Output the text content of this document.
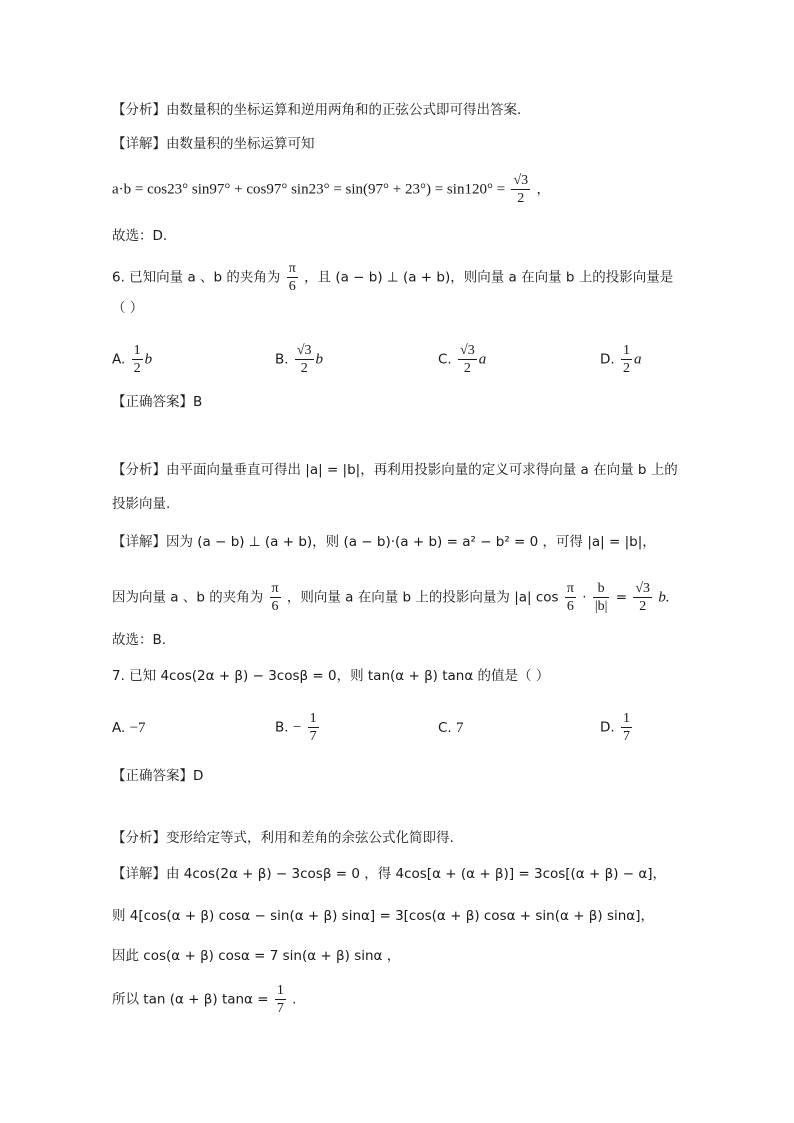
【分析】由数量积的坐标运算和逆用两角和的正弦公式即可得出答案.
【详解】由数量积的坐标运算可知
a·b = cos23° sin97° + cos97° $\sin 23^\circ = \sin(97^\circ + 23^\circ) = \sin 120^\circ = \frac{√3}{2}$ ，
故选：D.
6. 已知向量 a 、b 的夹角为 $\frac{\pi}{6}$ ，且 (a − b) ⊥ (a + b)，则向量 a 在向量 b 上的投影向量是
（ ）
A. $\frac{1}{2}$ b	B. $\frac{√3}{2}$ b	C. $\frac{√3}{2}$ a	D. $\frac{1}{2}$ a
【正确答案】B
【分析】由平面向量垂直可得出 |a| = |b|，再利用投影向量的定义可求得向量 a 在向量 b 上的
投影向量.
【详解】因为 (a − b) ⊥ (a + b)，则 (a − b)·(a + b) = a² − b² = 0 ，可得 |a| = |b|，
因为向量 a 、b 的夹角为 $\frac{\pi}{6}$ ，则向量 a 在向量 b 上的投影向量为 |a| $\cos \frac{\pi}{6} \cdot \frac{b}{|b|} = \frac{√3}{2} b$.
故选：B.
7. 已知 4cos(2α + β) − 3cosβ = 0，则 tan(α + β) tanα 的值是（ ）
A. −7	B. − $\frac{1}{7}$	C. 7	D. $\frac{1}{7}$
【正确答案】D
【分析】变形给定等式，利用和差角的余弦公式化简即得.
【详解】由 4cos(2α + β) − 3cosβ = 0 ，得 4cos[α + (α + β)] = 3cos[(α + β) − α]，
则 4[cos(α + β) cosα − sin(α + β) sinα] = 3[cos(α + β) cosα + sin(α + β) sinα]，
因此 cos(α + β) cosα = 7 sin(α + β) sinα ，
所以 tan (α + β) $\tan\alpha = \frac{1}{7}$ .
